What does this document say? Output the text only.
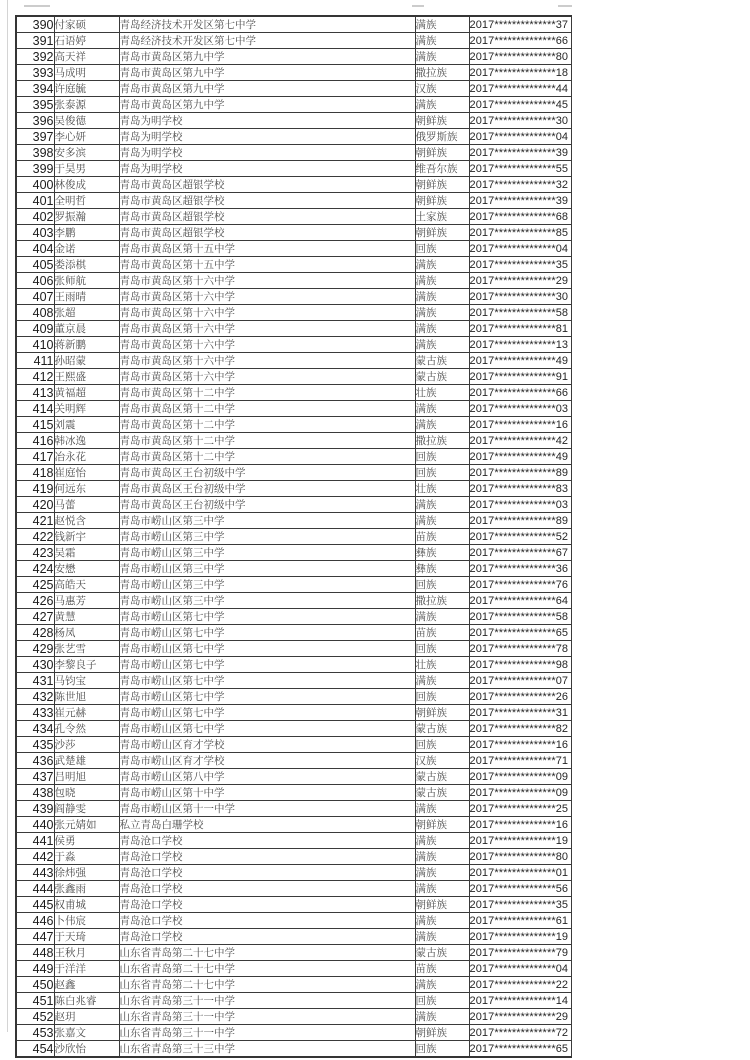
390	付家硕	青岛经济技术开发区第七中学	满族	2017**************37
391	石语婷	青岛经济技术开发区第七中学	满族	2017**************66
392	高天祥	青岛市黄岛区第九中学	满族	2017**************80
393	马成明	青岛市黄岛区第九中学	撒拉族	2017**************18
394	许庭毓	青岛市黄岛区第九中学	汉族	2017**************44
395	张泰源	青岛市黄岛区第九中学	满族	2017**************45
396	吴俊德	青岛为明学校	朝鲜族	2017**************30
397	李心妍	青岛为明学校	俄罗斯族	2017**************04
398	安多滨	青岛为明学校	朝鲜族	2017**************39
399	于昊男	青岛为明学校	维吾尔族	2017**************55
400	林俊成	青岛市黄岛区超银学校	朝鲜族	2017**************32
401	全明哲	青岛市黄岛区超银学校	朝鲜族	2017**************39
402	罗振瀚	青岛市黄岛区超银学校	土家族	2017**************68
403	李鹏	青岛市黄岛区超银学校	朝鲜族	2017**************85
404	金诺	青岛市黄岛区第十五中学	回族	2017**************04
405	娄添棋	青岛市黄岛区第十五中学	满族	2017**************35
406	张师航	青岛市黄岛区第十六中学	满族	2017**************29
407	王雨晴	青岛市黄岛区第十六中学	满族	2017**************30
408	张超	青岛市黄岛区第十六中学	满族	2017**************58
409	董京晨	青岛市黄岛区第十六中学	满族	2017**************81
410	蒋新鹏	青岛市黄岛区第十六中学	满族	2017**************13
411	孙昭蒙	青岛市黄岛区第十六中学	蒙古族	2017**************49
412	王熙盛	青岛市黄岛区第十六中学	蒙古族	2017**************91
413	黄福超	青岛市黄岛区第十二中学	壮族	2017**************66
414	关明辉	青岛市黄岛区第十二中学	满族	2017**************03
415	刘震	青岛市黄岛区第十二中学	满族	2017**************16
416	韩冰逸	青岛市黄岛区第十二中学	撒拉族	2017**************42
417	冶永花	青岛市黄岛区第十二中学	回族	2017**************49
418	崔庭怡	青岛市黄岛区王台初级中学	回族	2017**************89
419	何远东	青岛市黄岛区王台初级中学	壮族	2017**************83
420	马蕾	青岛市黄岛区王台初级中学	满族	2017**************03
421	赵悦含	青岛市崂山区第三中学	满族	2017**************89
422	钱新宇	青岛市崂山区第三中学	苗族	2017**************52
423	吴霜	青岛市崂山区第三中学	彝族	2017**************67
424	安懋	青岛市崂山区第三中学	彝族	2017**************36
425	高皓天	青岛市崂山区第三中学	回族	2017**************76
426	马惠芳	青岛市崂山区第三中学	撒拉族	2017**************64
427	黄慧	青岛市崂山区第七中学	满族	2017**************58
428	杨凤	青岛市崂山区第七中学	苗族	2017**************65
429	张艺雪	青岛市崂山区第七中学	回族	2017**************78
430	李黎良子	青岛市崂山区第七中学	壮族	2017**************98
431	马钧宝	青岛市崂山区第七中学	满族	2017**************07
432	陈世旭	青岛市崂山区第七中学	回族	2017**************26
433	崔元赫	青岛市崂山区第七中学	朝鲜族	2017**************31
434	孔令然	青岛市崂山区第七中学	蒙古族	2017**************82
435	沙莎	青岛市崂山区育才学校	回族	2017**************16
436	武楚雄	青岛市崂山区育才学校	汉族	2017**************71
437	吕明旭	青岛市崂山区第八中学	蒙古族	2017**************09
438	包晓	青岛市崂山区第十中学	蒙古族	2017**************09
439	阎静雯	青岛市崂山区第十一中学	满族	2017**************25
440	张元婧如	私立青岛白珊学校	朝鲜族	2017**************16
441	侯勇	青岛沧口学校	满族	2017**************19
442	于淼	青岛沧口学校	满族	2017**************80
443	徐炜强	青岛沧口学校	满族	2017**************01
444	张鑫雨	青岛沧口学校	满族	2017**************56
445	权甫城	青岛沧口学校	朝鲜族	2017**************35
446	卜伟宸	青岛沧口学校	满族	2017**************61
447	于天琦	青岛沧口学校	满族	2017**************19
448	王秋月	山东省青岛第二十七中学	蒙古族	2017**************79
449	于洋洋	山东省青岛第二十七中学	苗族	2017**************04
450	赵鑫	山东省青岛第二十七中学	满族	2017**************22
451	陈白兆睿	山东省青岛第三十一中学	回族	2017**************14
452	赵玥	山东省青岛第三十一中学	满族	2017**************29
453	张嘉文	山东省青岛第三十一中学	朝鲜族	2017**************72
454	沙欣怡	山东省青岛第三十三中学	回族	2017**************65
